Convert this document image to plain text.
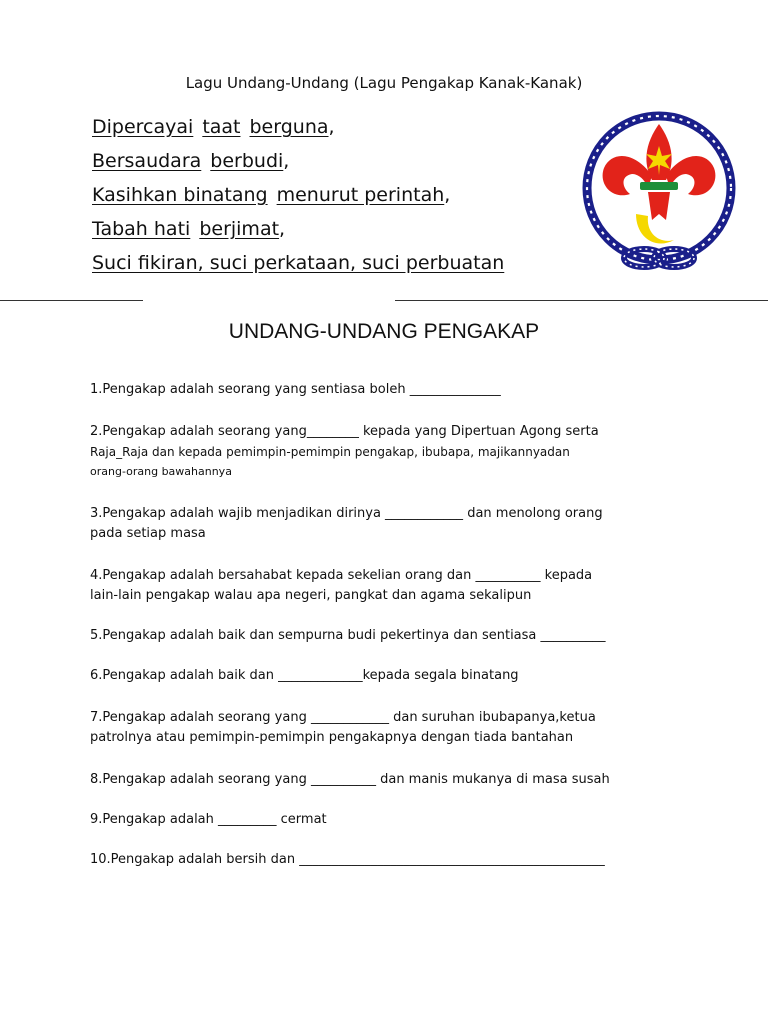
Lagu Undang-Undang (Lagu Pengakap Kanak-Kanak)
Dipercayai taat berguna,
Bersaudara berbudi,
Kasihkan binatang menurut perintah,
Tabah hati berjimat,
Suci fikiran, suci perkataan, suci perbuatan
UNDANG-UNDANG PENGAKAP
1.Pengakap adalah seorang yang sentiasa boleh ______________
2.Pengakap adalah seorang yang________ kepada yang Dipertuan Agong serta
Raja_Raja dan kepada pemimpin-pemimpin pengakap, ibubapa, majikannyadan
orang-orang bawahannya
3.Pengakap adalah wajib menjadikan dirinya ____________ dan menolong orang
pada setiap masa
4.Pengakap adalah bersahabat kepada sekelian orang dan __________ kepada
lain-lain pengakap walau apa negeri, pangkat dan agama sekalipun
5.Pengakap adalah baik dan sempurna budi pekertinya dan sentiasa __________
6.Pengakap adalah baik dan _____________kepada segala binatang
7.Pengakap adalah seorang yang ____________ dan suruhan ibubapanya,ketua
patrolnya atau pemimpin-pemimpin pengakapnya dengan tiada bantahan
8.Pengakap adalah seorang yang __________ dan manis mukanya di masa susah
9.Pengakap adalah _________ cermat
10.Pengakap adalah bersih dan _______________________________________________
